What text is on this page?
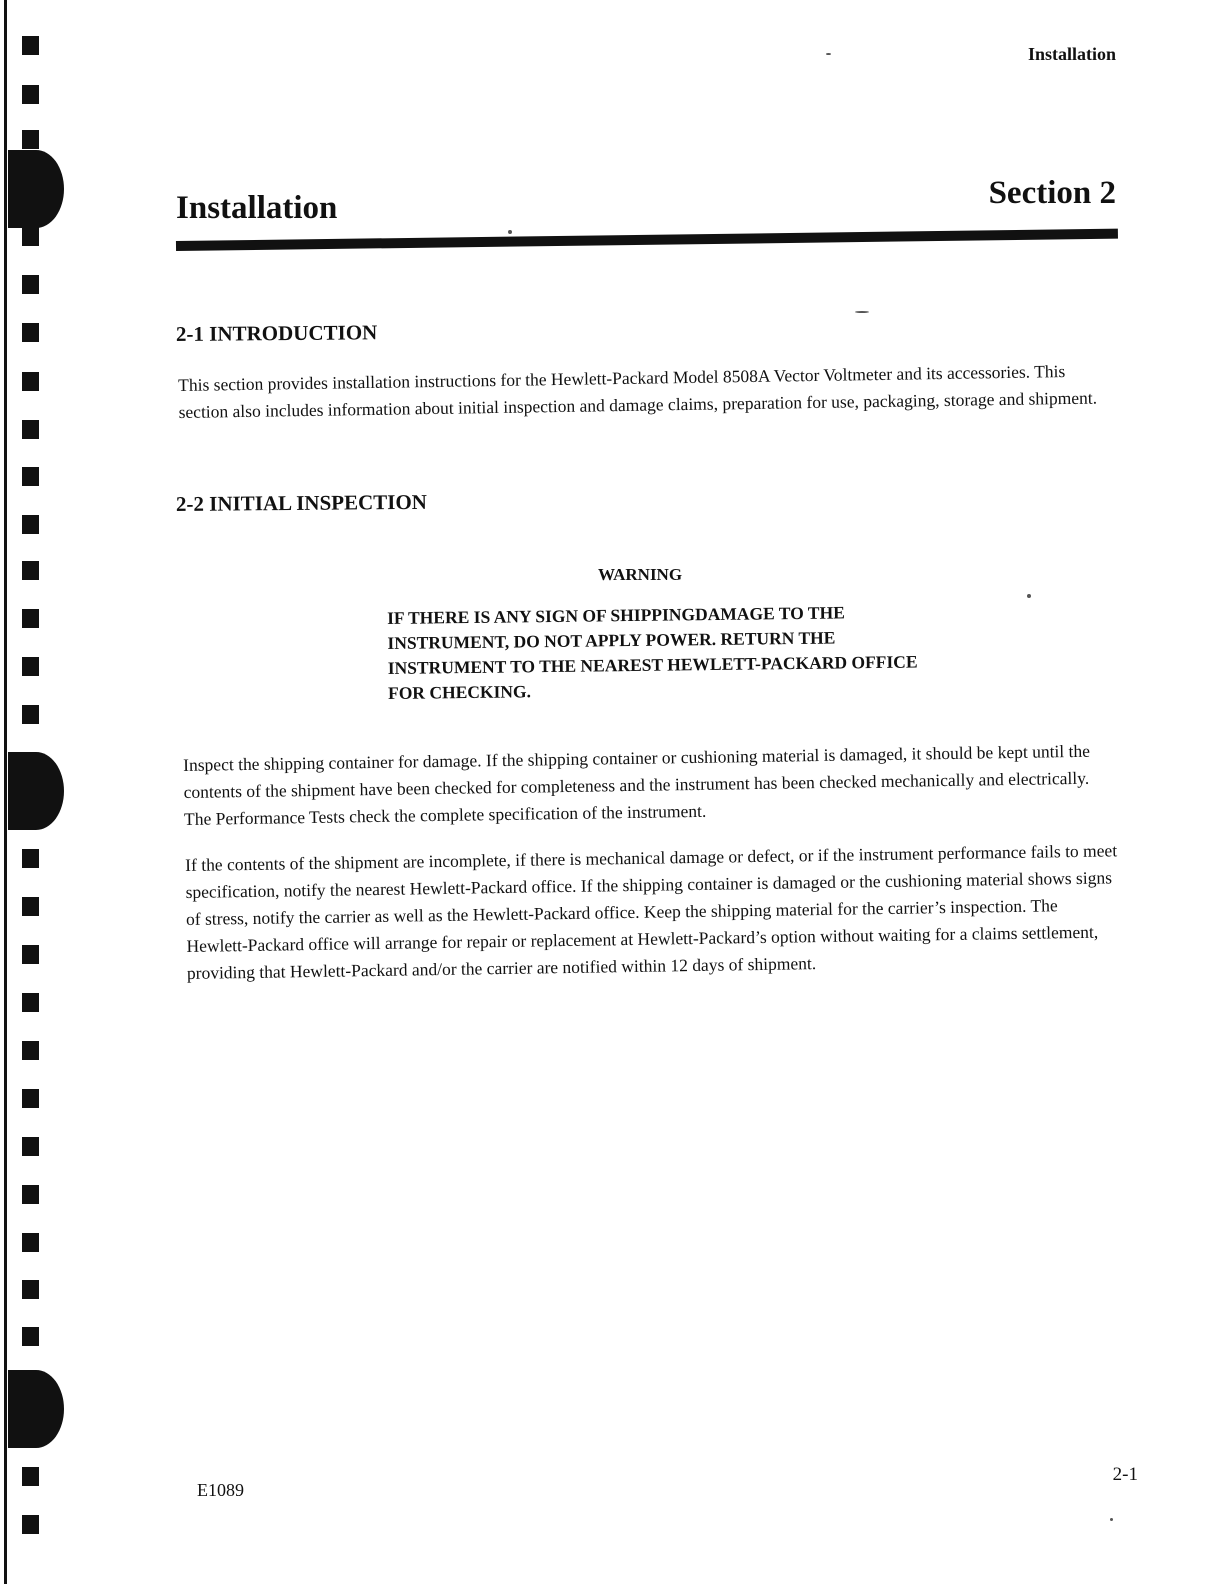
Installation
Installation	Section 2
2-1 INTRODUCTION
This section provides installation instructions for the Hewlett-Packard Model 8508A Vector Voltmeter and its accessories. This section also includes information about initial inspection and damage claims, preparation for use, packaging, storage and shipment.
2-2 INITIAL INSPECTION
WARNING
IF THERE IS ANY SIGN OF SHIPPINGDAMAGE TO THE INSTRUMENT, DO NOT APPLY POWER. RETURN THE INSTRUMENT TO THE NEAREST HEWLETT-PACKARD OFFICE FOR CHECKING.
Inspect the shipping container for damage. If the shipping container or cushioning material is damaged, it should be kept until the contents of the shipment have been checked for completeness and the instrument has been checked mechanically and electrically. The Performance Tests check the complete specification of the instrument.
If the contents of the shipment are incomplete, if there is mechanical damage or defect, or if the instrument performance fails to meet specification, notify the nearest Hewlett-Packard office. If the shipping container is damaged or the cushioning material shows signs of stress, notify the carrier as well as the Hewlett-Packard office. Keep the shipping material for the carrier’s inspection. The Hewlett-Packard office will arrange for repair or replacement at Hewlett-Packard’s option without waiting for a claims settlement, providing that Hewlett-Packard and/or the carrier are notified within 12 days of shipment.
E1089
2-1
